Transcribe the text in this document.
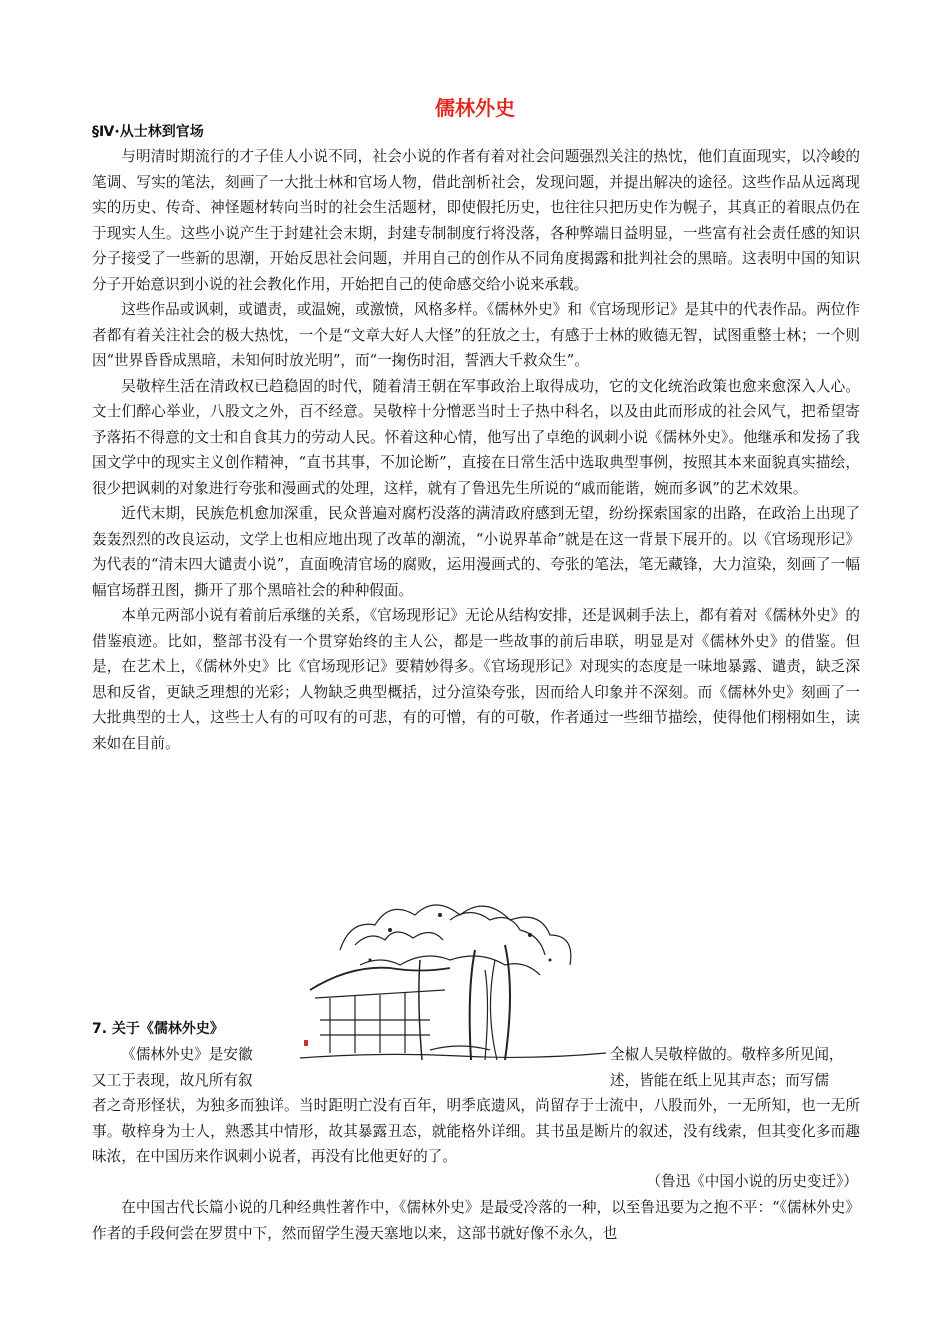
儒林外史
§Ⅳ·从士林到官场

与明清时期流行的才子佳人小说不同，社会小说的作者有着对社会问题强烈关注的热忱，他们直面现实，以冷峻的笔调、写实的笔法，刻画了一大批士林和官场人物，借此剖析社会，发现问题，并提出解决的途径。这些作品从远离现实的历史、传奇、神怪题材转向当时的社会生活题材，即使假托历史，也往往只把历史作为幌子，其真正的着眼点仍在于现实人生。这些小说产生于封建社会末期，封建专制制度行将没落，各种弊端日益明显，一些富有社会责任感的知识分子接受了一些新的思潮，开始反思社会问题，并用自己的创作从不同角度揭露和批判社会的黑暗。这表明中国的知识分子开始意识到小说的社会教化作用，开始把自己的使命感交给小说来承载。

这些作品或讽刺，或谴责，或温婉，或激愤，风格多样。《儒林外史》和《官场现形记》是其中的代表作品。两位作者都有着关注社会的极大热忱，一个是“文章大好人大怪”的狂放之士，有感于士林的败德无智，试图重整士林；一个则因“世界昏昏成黑暗，未知何时放光明”，而“一掬伤时泪，誓洒大千救众生”。

吴敬梓生活在清政权已趋稳固的时代，随着清王朝在军事政治上取得成功，它的文化统治政策也愈来愈深入人心。文士们醉心举业，八股文之外，百不经意。吴敬梓十分憎恶当时士子热中科名，以及由此而形成的社会风气，把希望寄予落拓不得意的文士和自食其力的劳动人民。怀着这种心情，他写出了卓绝的讽刺小说《儒林外史》。他继承和发扬了我国文学中的现实主义创作精神，“直书其事，不加论断”，直接在日常生活中选取典型事例，按照其本来面貌真实描绘，很少把讽刺的对象进行夸张和漫画式的处理，这样，就有了鲁迅先生所说的“戚而能谐，婉而多讽”的艺术效果。

近代末期，民族危机愈加深重，民众普遍对腐朽没落的满清政府感到无望，纷纷探索国家的出路，在政治上出现了轰轰烈烈的改良运动，文学上也相应地出现了改革的潮流，“小说界革命”就是在这一背景下展开的。以《官场现形记》为代表的“清末四大谴责小说”，直面晚清官场的腐败，运用漫画式的、夸张的笔法，笔无藏锋，大力渲染，刻画了一幅幅官场群丑图，撕开了那个黑暗社会的种种假面。

本单元两部小说有着前后承继的关系，《官场现形记》无论从结构安排，还是讽刺手法上，都有着对《儒林外史》的借鉴痕迹。比如，整部书没有一个贯穿始终的主人公，都是一些故事的前后串联，明显是对《儒林外史》的借鉴。但是，在艺术上，《儒林外史》比《官场现形记》要精妙得多。《官场现形记》对现实的态度是一味地暴露、谴责，缺乏深思和反省，更缺乏理想的光彩；人物缺乏典型概括，过分渲染夸张，因而给人印象并不深刻。而《儒林外史》刻画了一大批典型的士人，这些士人有的可叹有的可悲，有的可憎，有的可敬，作者通过一些细节描绘，使得他们栩栩如生，读来如在目前。

7. 关于《儒林外史》

《儒林外史》是安徽

又工于表现，故凡所有叙

全椒人吴敬梓做的。敬梓多所见闻，

述，皆能在纸上见其声态；而写儒

者之奇形怪状，为独多而独详。当时距明亡没有百年，明季底遗风，尚留存于士流中，八股而外，一无所知，也一无所事。敬梓身为士人，熟悉其中情形，故其暴露丑态，就能格外详细。其书虽是断片的叙述，没有线索，但其变化多而趣味浓，在中国历来作讽刺小说者，再没有比他更好的了。

（鲁迅《中国小说的历史变迁》）

在中国古代长篇小说的几种经典性著作中，《儒林外史》是最受冷落的一种，以至鲁迅要为之抱不平：“《儒林外史》作者的手段何尝在罗贯中下，然而留学生漫天塞地以来，这部书就好像不永久，也
